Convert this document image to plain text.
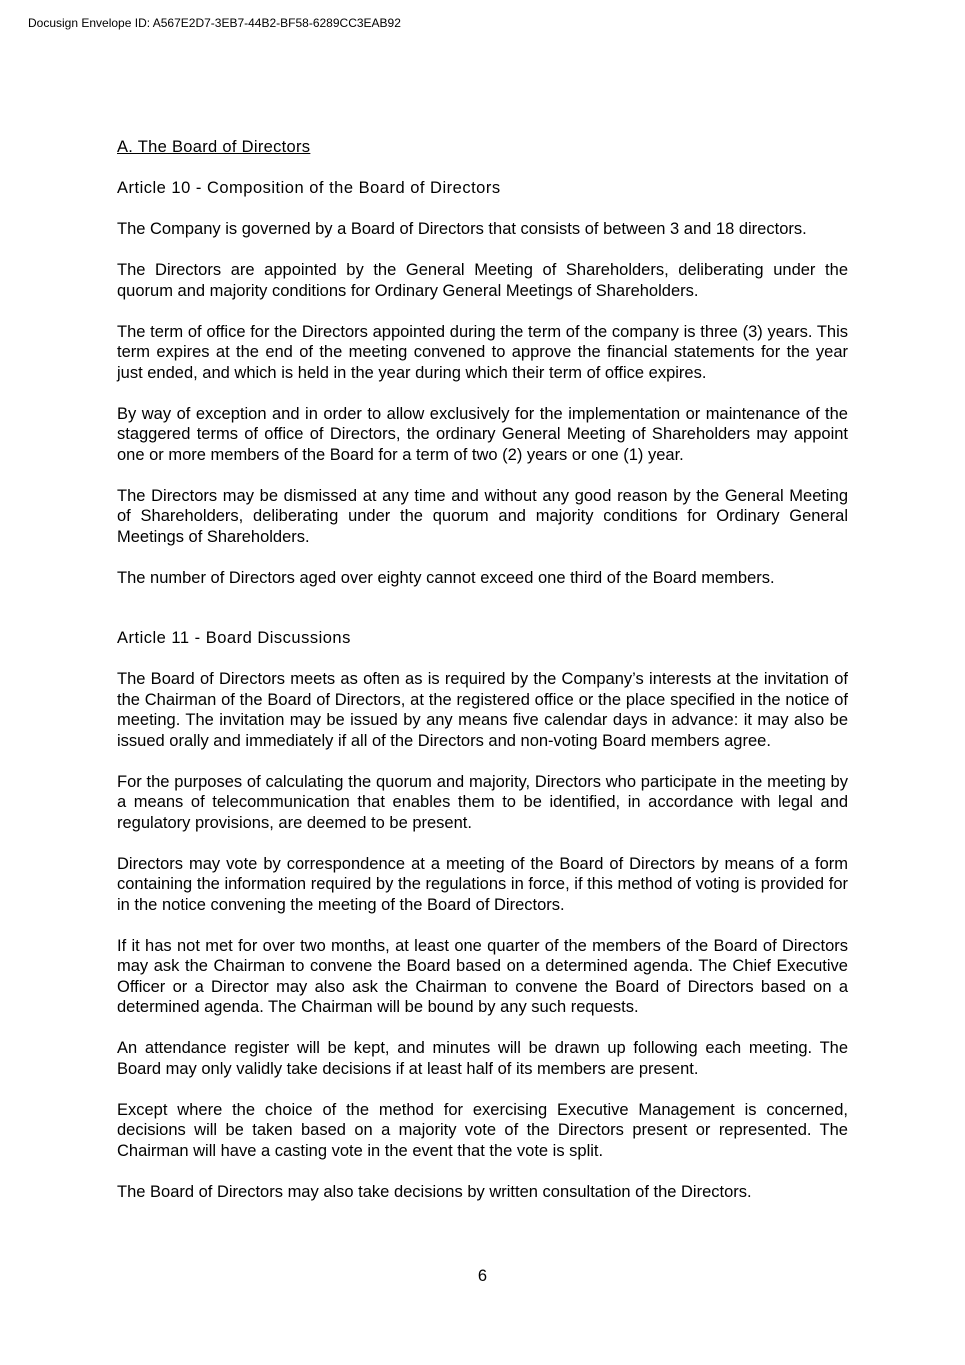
Docusign Envelope ID: A567E2D7-3EB7-44B2-BF58-6289CC3EAB92
A. The Board of Directors
Article 10 - Composition of the Board of Directors

The Company is governed by a Board of Directors that consists of between 3 and 18 directors.

The Directors are appointed by the General Meeting of Shareholders, deliberating under the quorum and majority conditions for Ordinary General Meetings of Shareholders.

The term of office for the Directors appointed during the term of the company is three (3) years. This term expires at the end of the meeting convened to approve the financial statements for the year just ended, and which is held in the year during which their term of office expires.

By way of exception and in order to allow exclusively for the implementation or maintenance of the staggered terms of office of Directors, the ordinary General Meeting of Shareholders may appoint one or more members of the Board for a term of two (2) years or one (1) year.

The Directors may be dismissed at any time and without any good reason by the General Meeting of Shareholders, deliberating under the quorum and majority conditions for Ordinary General Meetings of Shareholders.

The number of Directors aged over eighty cannot exceed one third of the Board members.

Article 11 - Board Discussions

The Board of Directors meets as often as is required by the Company’s interests at the invitation of the Chairman of the Board of Directors, at the registered office or the place specified in the notice of meeting. The invitation may be issued by any means five calendar days in advance: it may also be issued orally and immediately if all of the Directors and non-voting Board members agree.

For the purposes of calculating the quorum and majority, Directors who participate in the meeting by a means of telecommunication that enables them to be identified, in accordance with legal and regulatory provisions, are deemed to be present.

Directors may vote by correspondence at a meeting of the Board of Directors by means of a form containing the information required by the regulations in force, if this method of voting is provided for in the notice convening the meeting of the Board of Directors.

If it has not met for over two months, at least one quarter of the members of the Board of Directors may ask the Chairman to convene the Board based on a determined agenda. The Chief Executive Officer or a Director may also ask the Chairman to convene the Board of Directors based on a determined agenda. The Chairman will be bound by any such requests.

An attendance register will be kept, and minutes will be drawn up following each meeting. The Board may only validly take decisions if at least half of its members are present.

Except where the choice of the method for exercising Executive Management is concerned, decisions will be taken based on a majority vote of the Directors present or represented. The Chairman will have a casting vote in the event that the vote is split.

The Board of Directors may also take decisions by written consultation of the Directors.

6
